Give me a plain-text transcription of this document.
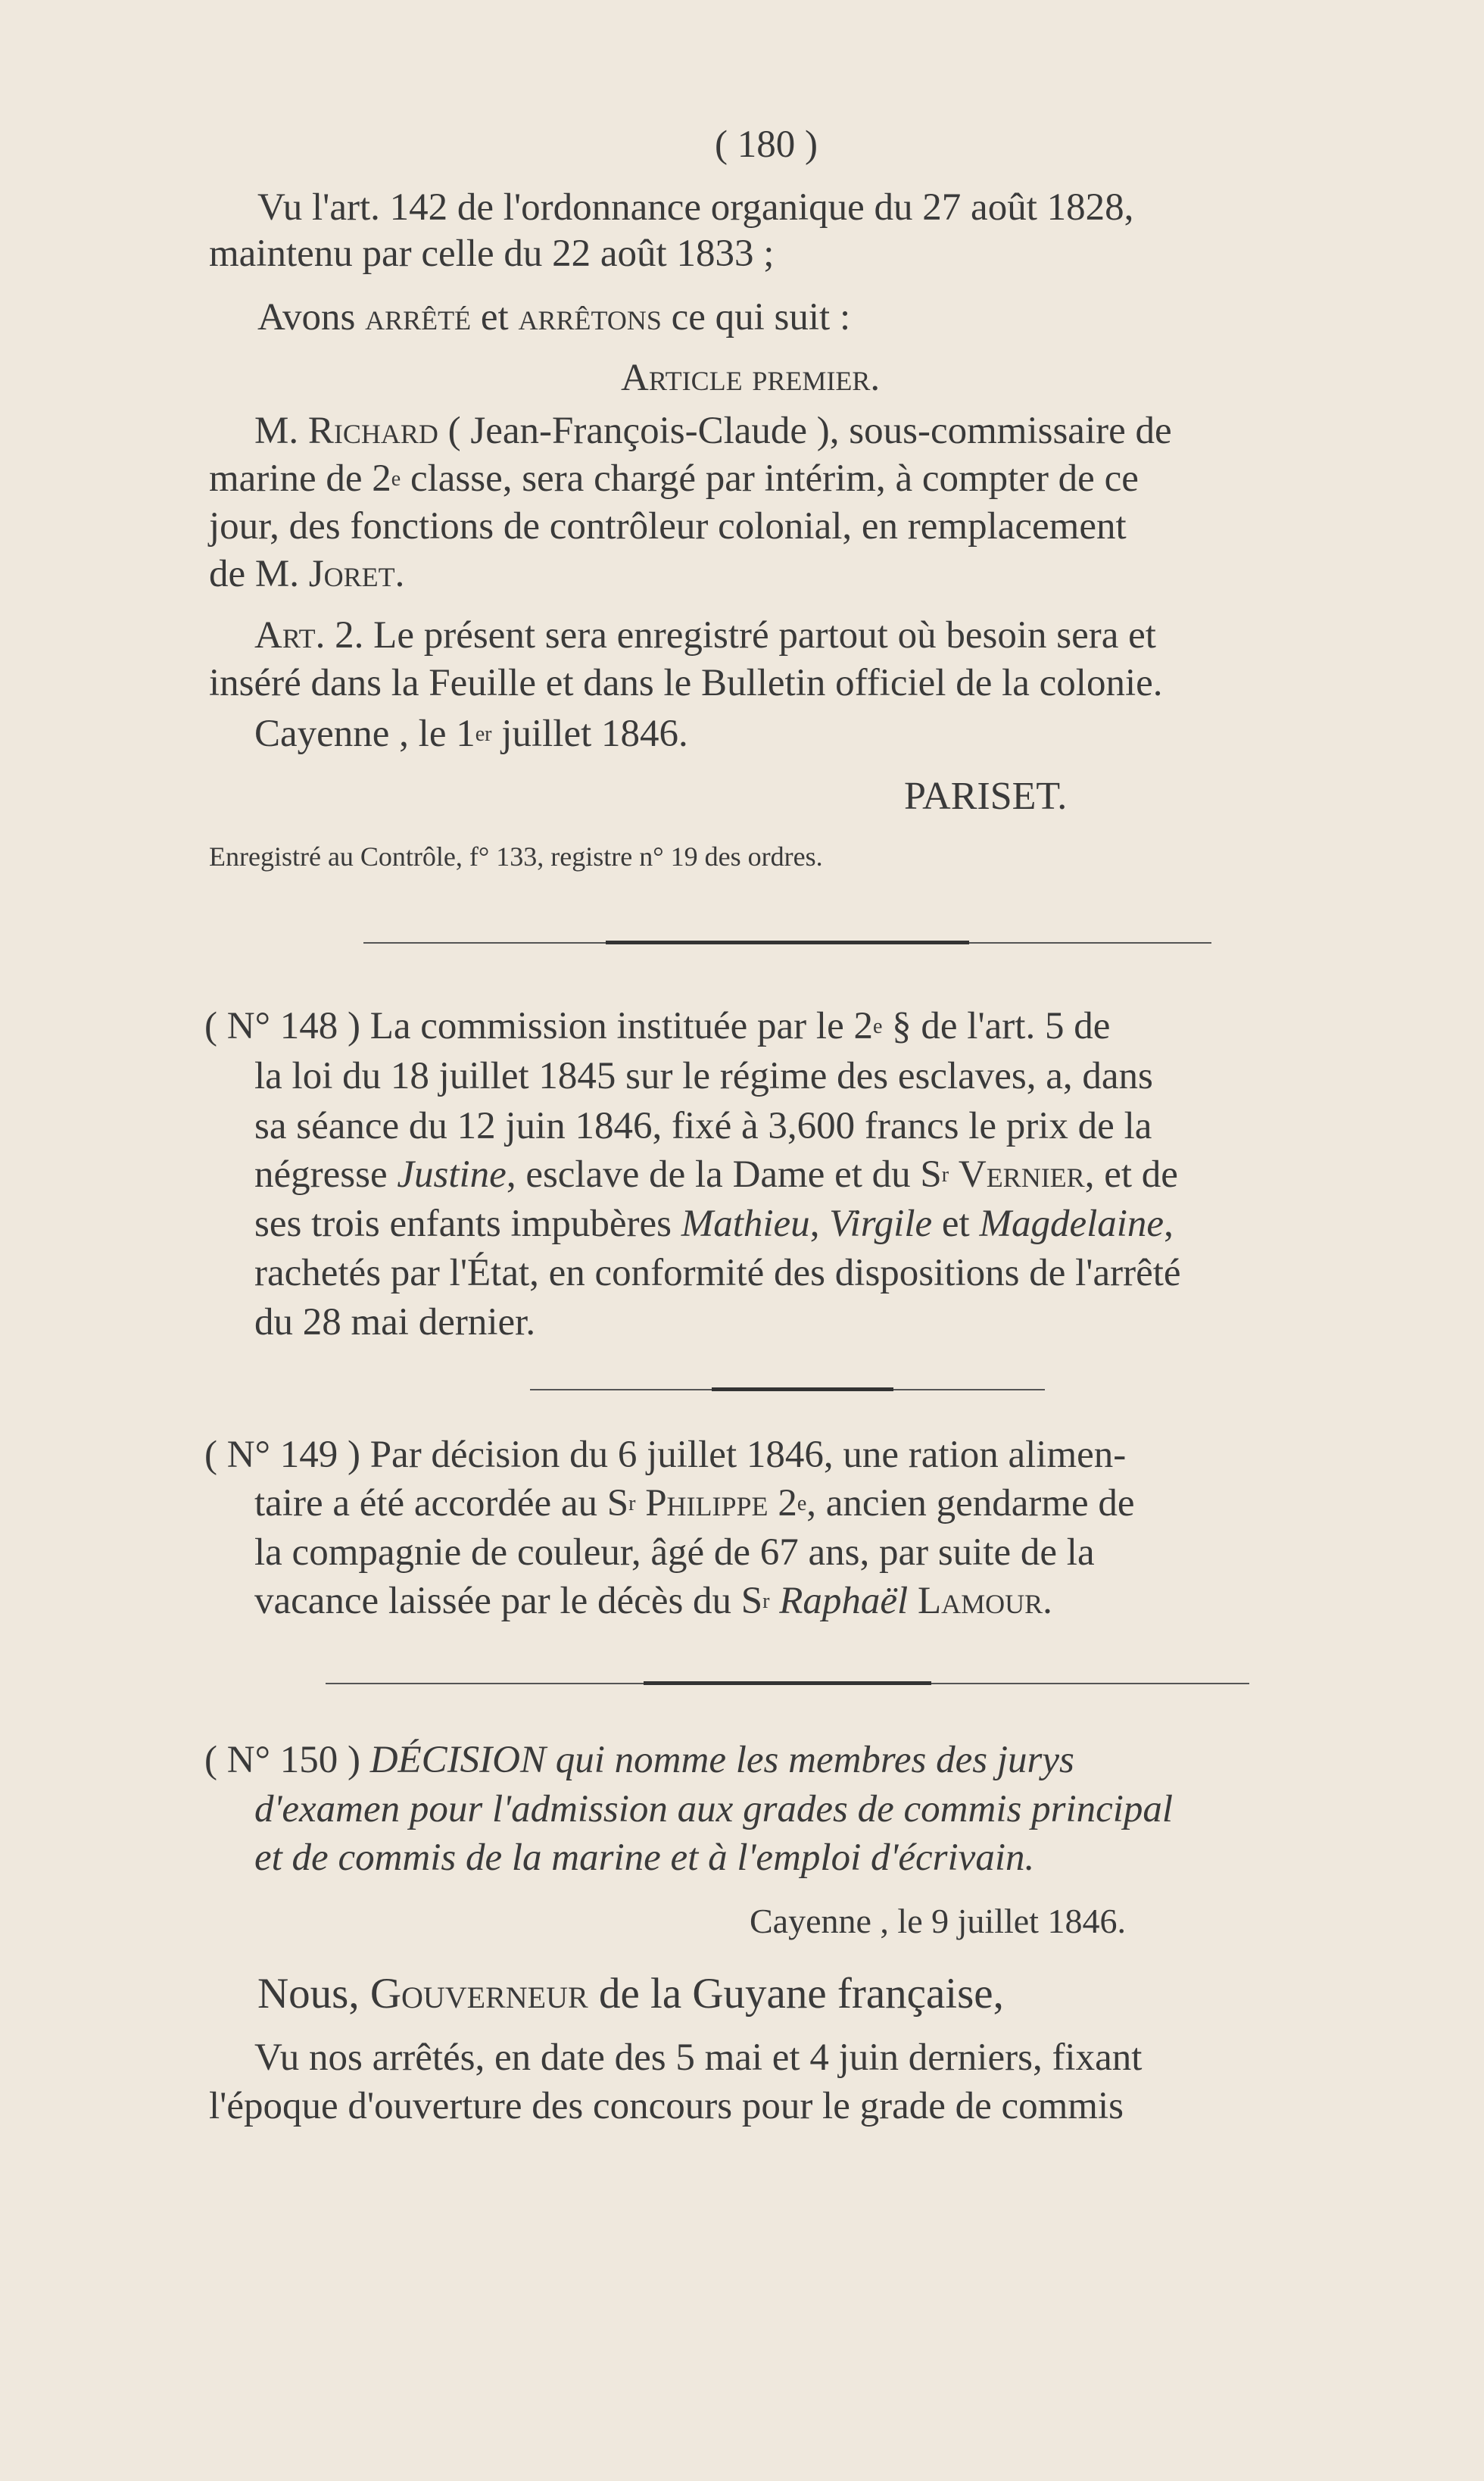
( 180 )
Vu l'art. 142 de l'ordonnance organique du 27 août 1828,
maintenu par celle du 22 août 1833 ;
Avons arrêté et arrêtons ce qui suit :
Article premier.
M. Richard ( Jean-François-Claude ), sous-commissaire de
marine de 2e classe, sera chargé par intérim, à compter de ce
jour, des fonctions de contrôleur colonial, en remplacement
de M. Joret.
Art. 2. Le présent sera enregistré partout où besoin sera et
inséré dans la Feuille et dans le Bulletin officiel de la colonie.
Cayenne , le 1er juillet 1846.
PARISET.
Enregistré au Contrôle, f° 133, registre n° 19 des ordres.
( N° 148 ) La commission instituée par le 2e § de l'art. 5 de
la loi du 18 juillet 1845 sur le régime des esclaves, a, dans
sa séance du 12 juin 1846, fixé à 3,600 francs le prix de la
négresse Justine, esclave de la Dame et du $S^r$ Vernier, et de
ses trois enfants impubères Mathieu, Virgile et Magdelaine,
rachetés par l'État, en conformité des dispositions de l'arrêté
du 28 mai dernier.
( N° 149 ) Par décision du 6 juillet 1846, une ration alimen-
taire a été accordée au $S^r$ Philippe 2e, ancien gendarme de
la compagnie de couleur, âgé de 67 ans, par suite de la
vacance laissée par le décès du $S^r$ Raphaël Lamour.
( N° 150 ) DÉCISION qui nomme les membres des jurys
d'examen pour l'admission aux grades de commis principal
et de commis de la marine et à l'emploi d'écrivain.
Cayenne , le 9 juillet 1846.
Nous, Gouverneur de la Guyane française,
Vu nos arrêtés, en date des 5 mai et 4 juin derniers, fixant
l'époque d'ouverture des concours pour le grade de commis
